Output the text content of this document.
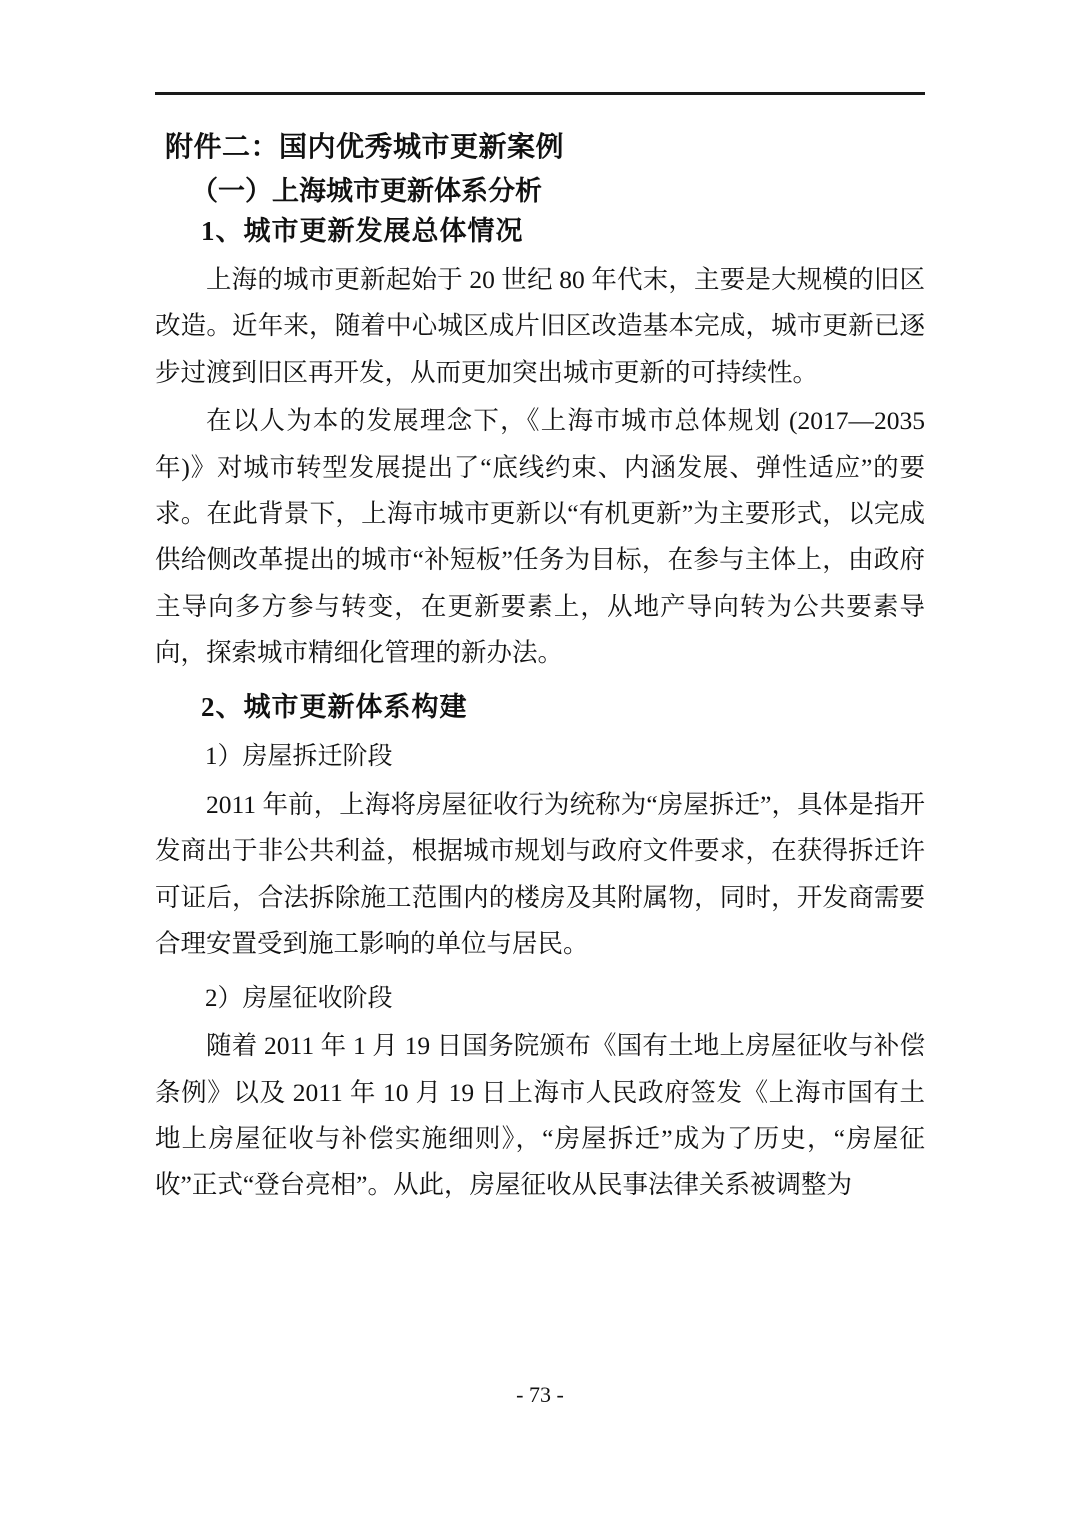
附件二：国内优秀城市更新案例
（一）上海城市更新体系分析
1、城市更新发展总体情况

上海的城市更新起始于 20 世纪 80 年代末，主要是大规模的旧区改造。近年来，随着中心城区成片旧区改造基本完成，城市更新已逐步过渡到旧区再开发，从而更加突出城市更新的可持续性。

在以人为本的发展理念下，《上海市城市总体规划 (2017—2035 年)》对城市转型发展提出了“底线约束、内涵发展、弹性适应”的要求。在此背景下，上海市城市更新以“有机更新”为主要形式，以完成供给侧改革提出的城市“补短板”任务为目标，在参与主体上，由政府主导向多方参与转变，在更新要素上，从地产导向转为公共要素导向，探索城市精细化管理的新办法。

2、城市更新体系构建
1）房屋拆迁阶段

2011 年前，上海将房屋征收行为统称为“房屋拆迁”，具体是指开发商出于非公共利益，根据城市规划与政府文件要求，在获得拆迁许可证后，合法拆除施工范围内的楼房及其附属物，同时，开发商需要合理安置受到施工影响的单位与居民。

2）房屋征收阶段

随着 2011 年 1 月 19 日国务院颁布《国有土地上房屋征收与补偿条例》以及 2011 年 10 月 19 日上海市人民政府签发《上海市国有土地上房屋征收与补偿实施细则》，“房屋拆迁”成为了历史，“房屋征收”正式“登台亮相”。从此，房屋征收从民事法律关系被调整为

- 73 -
